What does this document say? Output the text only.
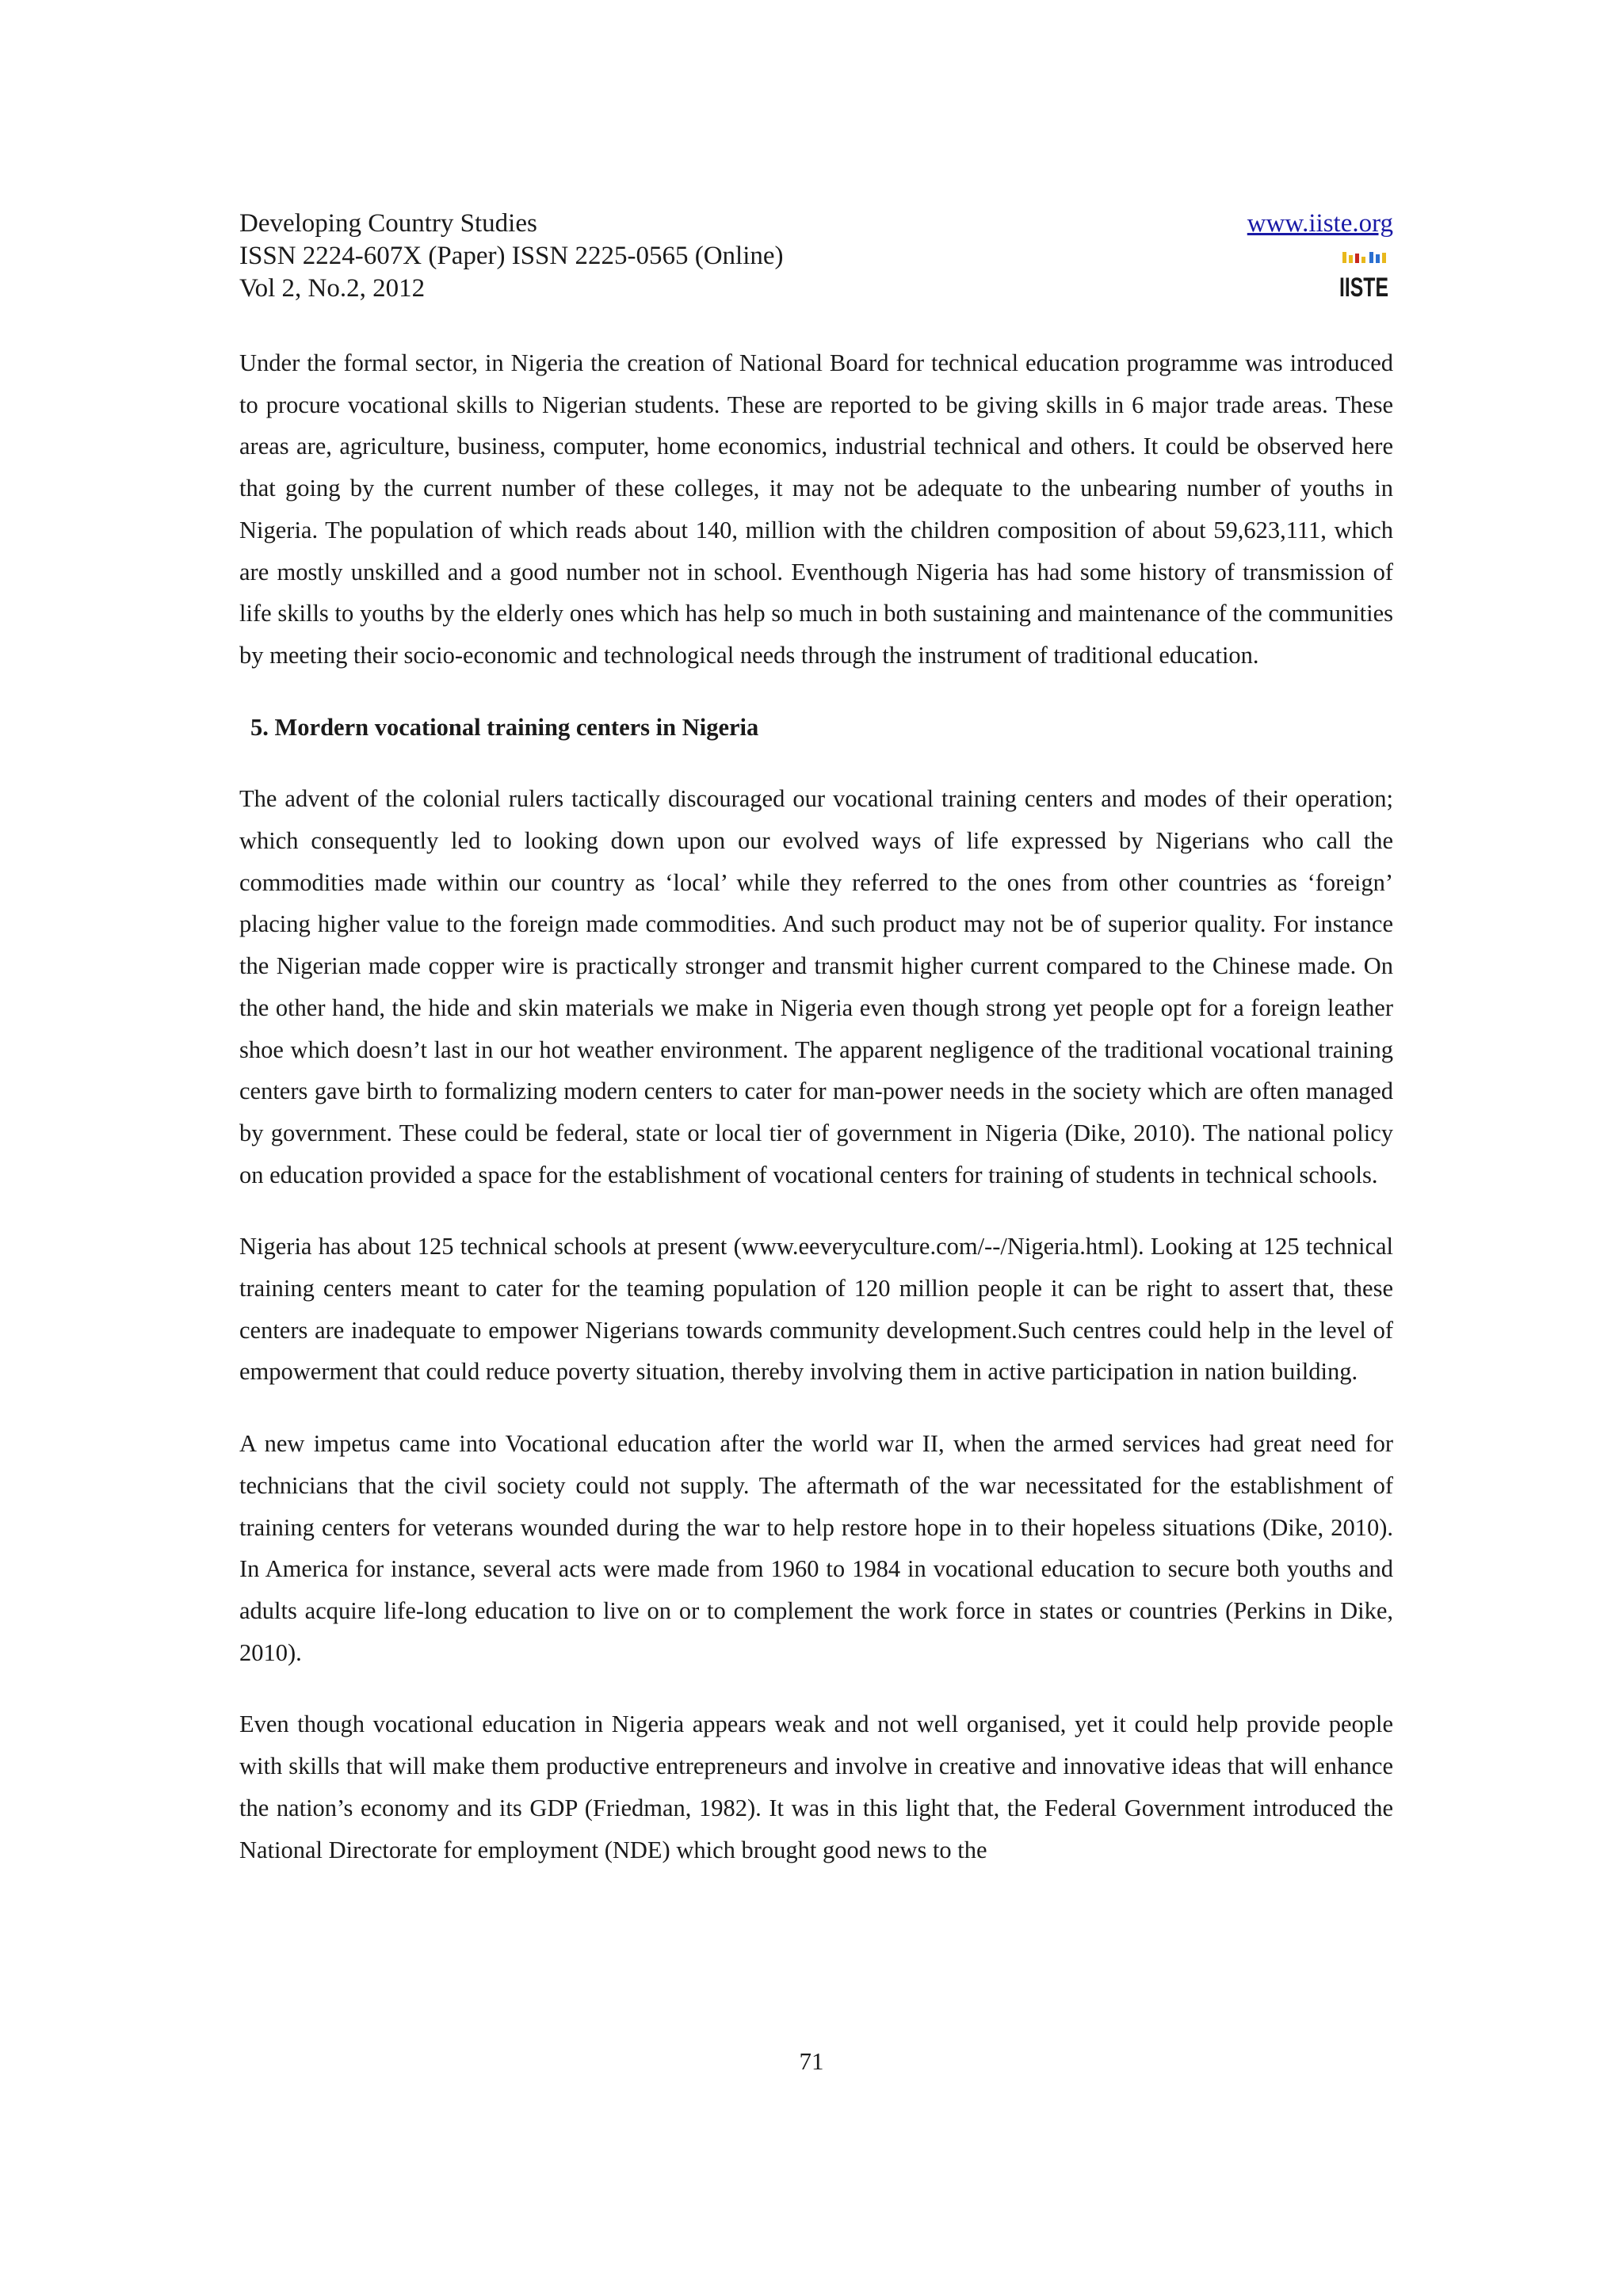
Developing Country Studies
ISSN 2224-607X (Paper) ISSN 2225-0565 (Online)
Vol 2, No.2, 2012
www.iiste.org
IISTE

Under the formal sector, in Nigeria the creation of National Board for technical education programme was introduced to procure vocational skills to Nigerian students. These are reported to be giving skills in 6 major trade areas. These areas are, agriculture, business, computer, home economics, industrial technical and others. It could be observed here that going by the current number of these colleges, it may not be adequate to the unbearing number of youths in Nigeria. The population of which reads about 140, million with the children composition of about 59,623,111, which are mostly unskilled and a good number not in school. Eventhough Nigeria has had some history of transmission of life skills to youths by the elderly ones which has help so much in both sustaining and maintenance of the communities by meeting their socio-economic and technological needs through the instrument of traditional education.

5. Mordern vocational training centers in Nigeria

The advent of the colonial rulers tactically discouraged our vocational training centers and modes of their operation; which consequently led to looking down upon our evolved ways of life expressed by Nigerians who call the commodities made within our country as ‘local’ while they referred to the ones from other countries as ‘foreign’ placing higher value to the foreign made commodities. And such product may not be of superior quality. For instance the Nigerian made copper wire is practically stronger and transmit higher current compared to the Chinese made. On the other hand, the hide and skin materials we make in Nigeria even though strong yet people opt for a foreign leather shoe which doesn’t last in our hot weather environment. The apparent negligence of the traditional vocational training centers gave birth to formalizing modern centers to cater for man-power needs in the society which are often managed by government. These could be federal, state or local tier of government in Nigeria (Dike, 2010). The national policy on education provided a space for the establishment of vocational centers for training of students in technical schools.

Nigeria has about 125 technical schools at present (www.eeveryculture.com/--/Nigeria.html). Looking at 125 technical training centers meant to cater for the teaming population of 120 million people it can be right to assert that, these centers are inadequate to empower Nigerians towards community development.Such centres could help in the level of empowerment that could reduce poverty situation, thereby involving them in active participation in nation building.

A new impetus came into Vocational education after the world war II, when the armed services had great need for technicians that the civil society could not supply. The aftermath of the war necessitated for the establishment of training centers for veterans wounded during the war to help restore hope in to their hopeless situations (Dike, 2010). In America for instance, several acts were made from 1960 to 1984 in vocational education to secure both youths and adults acquire life-long education to live on or to complement the work force in states or countries (Perkins in Dike, 2010).

Even though vocational education in Nigeria appears weak and not well organised, yet it could help provide people with skills that will make them productive entrepreneurs and involve in creative and innovative ideas that will enhance the nation’s economy and its GDP (Friedman, 1982). It was in this light that, the Federal Government introduced the National Directorate for employment (NDE) which brought good news to the

71
